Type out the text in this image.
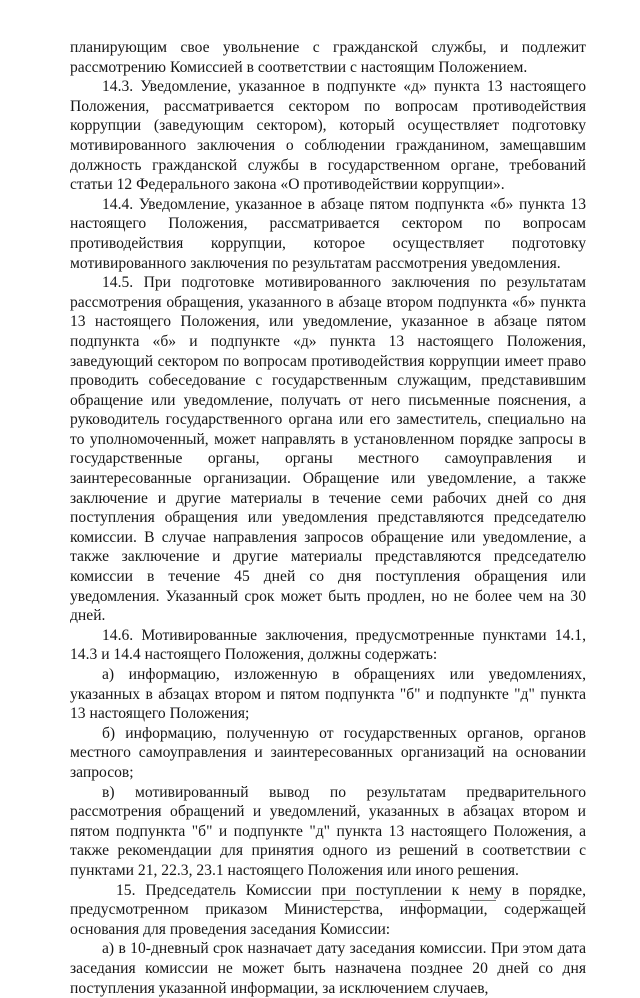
планирующим свое увольнение с гражданской службы, и подлежит рассмотрению Комиссией в соответствии с настоящим Положением.

14.3. Уведомление, указанное в подпункте «д» пункта 13 настоящего Положения, рассматривается сектором по вопросам противодействия коррупции (заведующим сектором), который осуществляет подготовку мотивированного заключения о соблюдении гражданином, замещавшим должность гражданской службы в государственном органе, требований статьи 12 Федерального закона «О противодействии коррупции».

14.4. Уведомление, указанное в абзаце пятом подпункта «б» пункта 13 настоящего Положения, рассматривается сектором по вопросам противодействия коррупции, которое осуществляет подготовку мотивированного заключения по результатам рассмотрения уведомления.

14.5. При подготовке мотивированного заключения по результатам рассмотрения обращения, указанного в абзаце втором подпункта «б» пункта 13 настоящего Положения, или уведомление, указанное в абзаце пятом подпункта «б» и подпункте «д» пункта 13 настоящего Положения, заведующий сектором по вопросам противодействия коррупции имеет право проводить собеседование с государственным служащим, представившим обращение или уведомление, получать от него письменные пояснения, а руководитель государственного органа или его заместитель, специально на то уполномоченный, может направлять в установленном порядке запросы в государственные органы, органы местного самоуправления и заинтересованные организации. Обращение или уведомление, а также заключение и другие материалы в течение семи рабочих дней со дня поступления обращения или уведомления представляются председателю комиссии. В случае направления запросов обращение или уведомление, а также заключение и другие материалы представляются председателю комиссии в течение 45 дней со дня поступления обращения или уведомления. Указанный срок может быть продлен, но не более чем на 30 дней.

14.6. Мотивированные заключения, предусмотренные пунктами 14.1, 14.3 и 14.4 настоящего Положения, должны содержать:

а) информацию, изложенную в обращениях или уведомлениях, указанных в абзацах втором и пятом подпункта "б" и подпункте "д" пункта 13 настоящего Положения;

б) информацию, полученную от государственных органов, органов местного самоуправления и заинтересованных организаций на основании запросов;

в) мотивированный вывод по результатам предварительного рассмотрения обращений и уведомлений, указанных в абзацах втором и пятом подпункта "б" и подпункте "д" пункта 13 настоящего Положения, а также рекомендации для принятия одного из решений в соответствии с пунктами 21, 22.3, 23.1 настоящего Положения или иного решения.

15. Председатель Комиссии при поступлении к нему в порядке, предусмотренном приказом Министерства, информации, содержащей основания для проведения заседания Комиссии:

а) в 10-дневный срок назначает дату заседания комиссии. При этом дата заседания комиссии не может быть назначена позднее 20 дней со дня поступления указанной информации, за исключением случаев,
